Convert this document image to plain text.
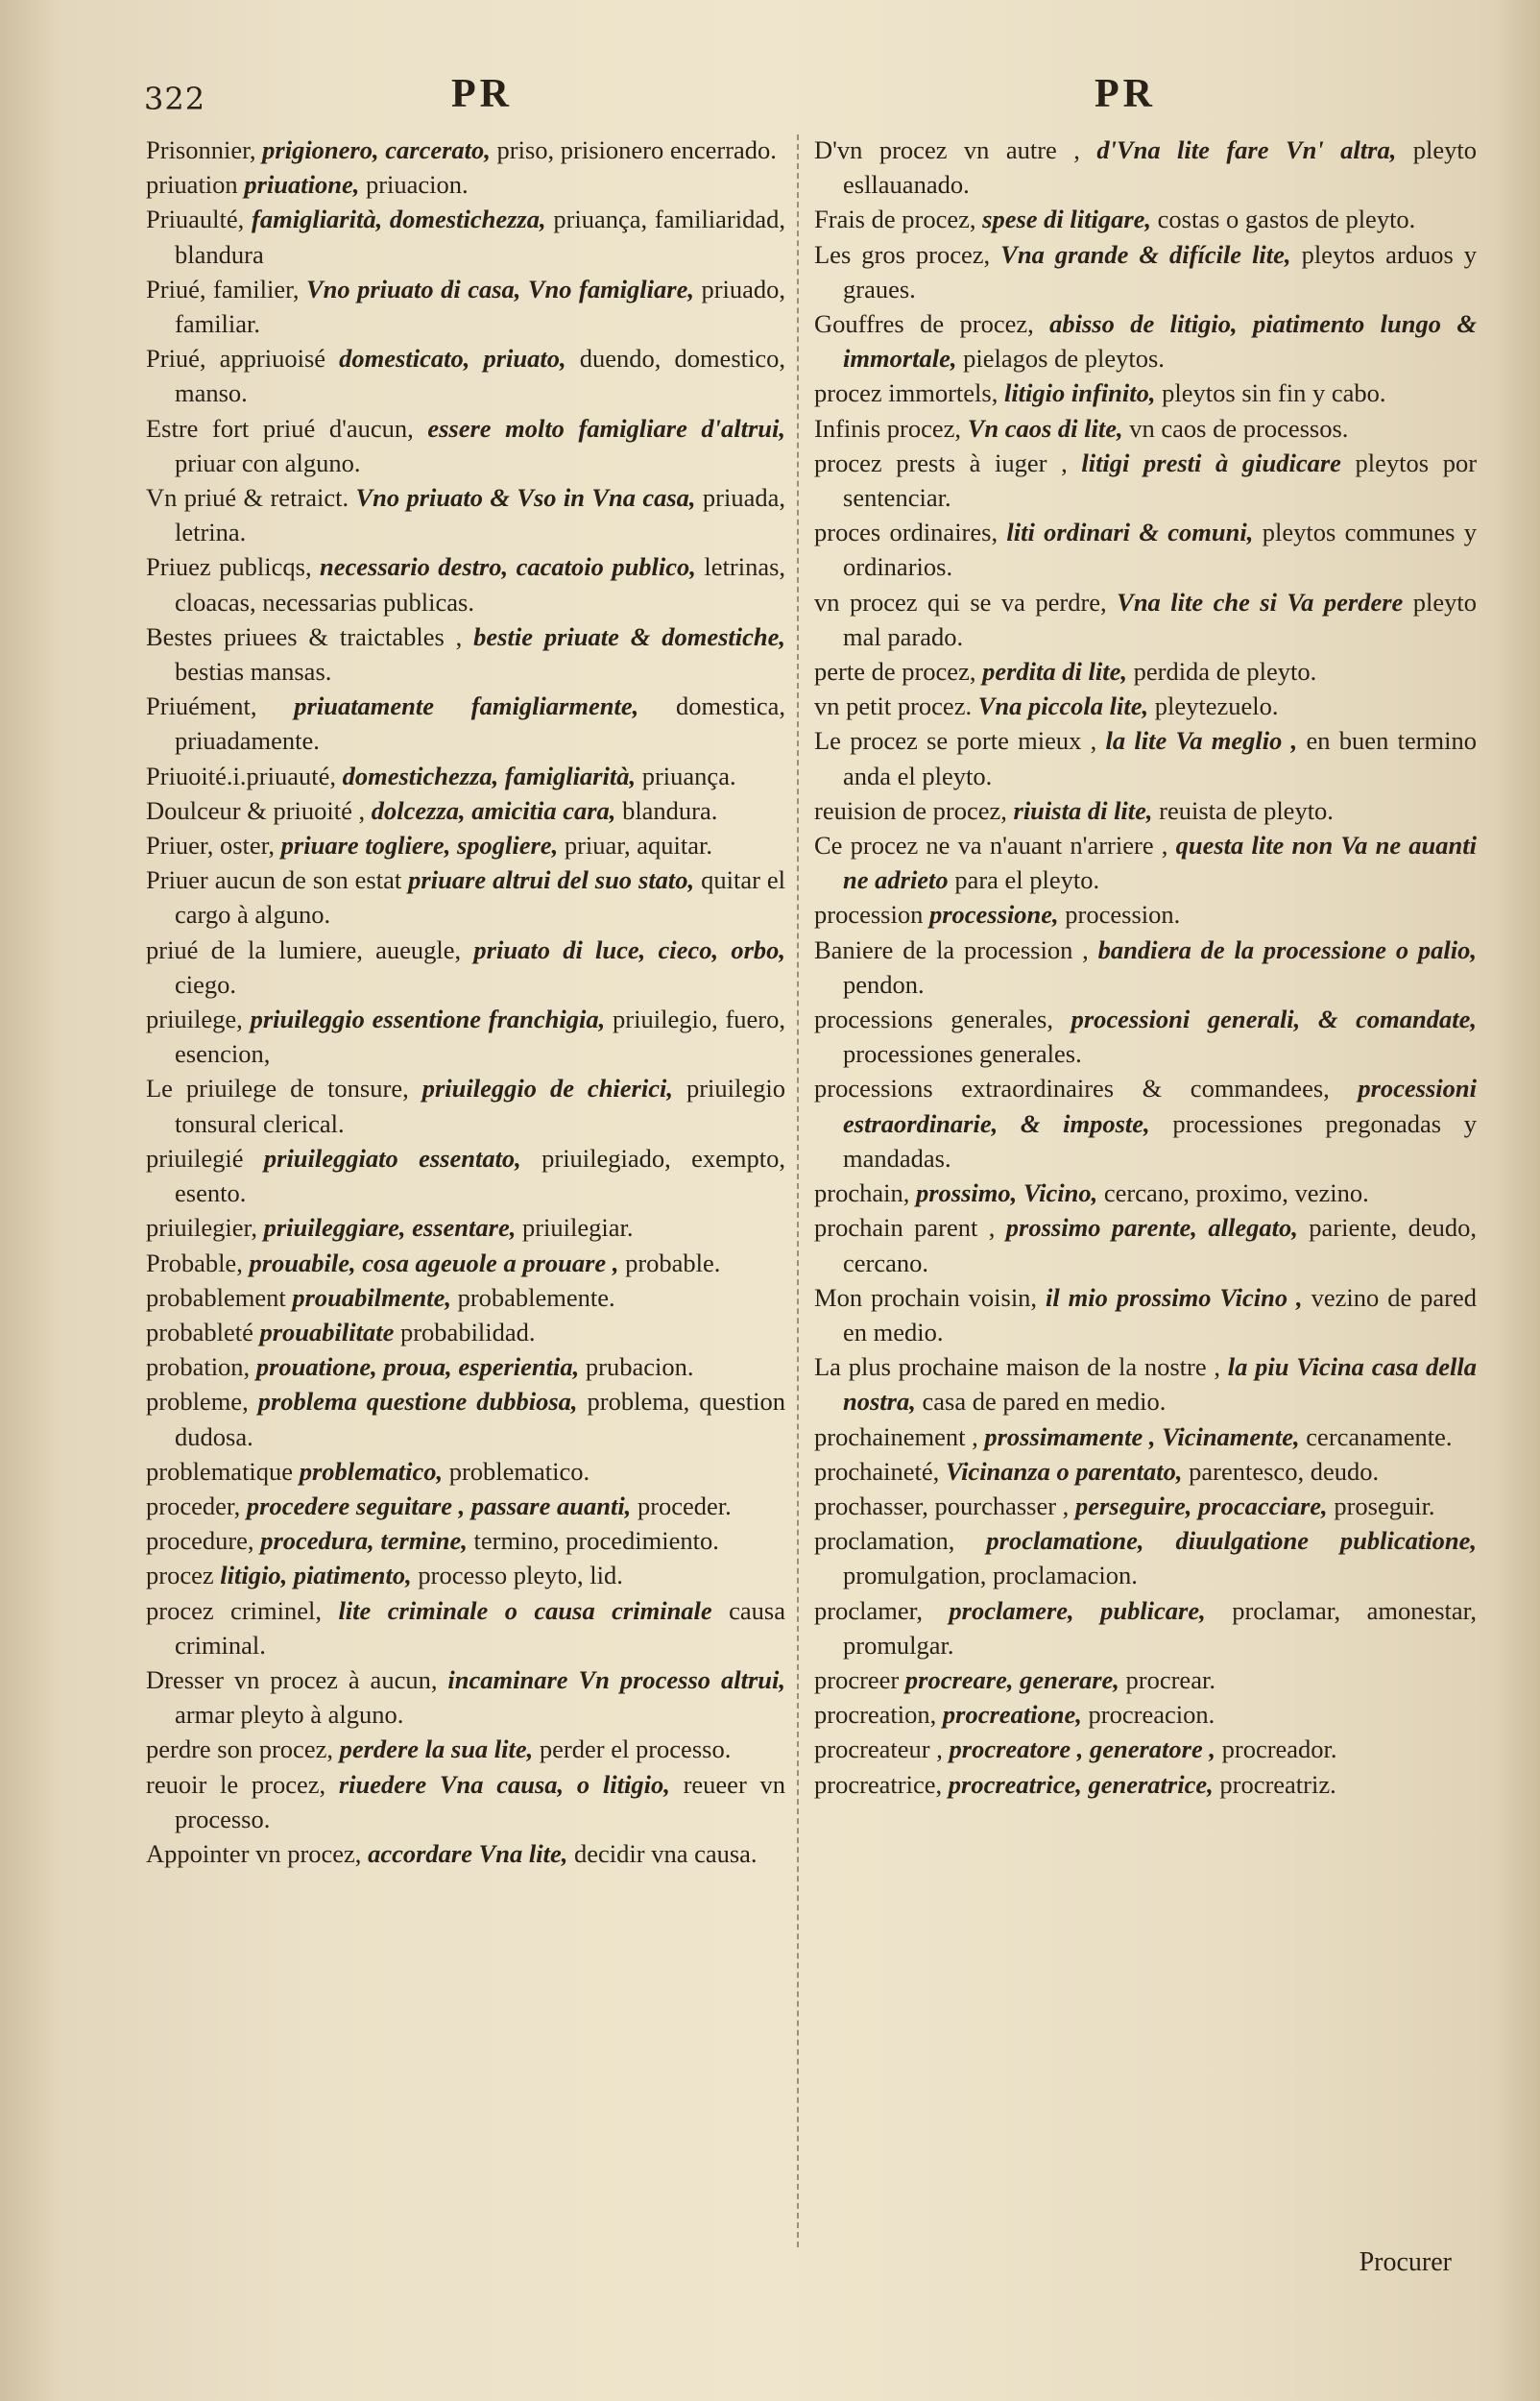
322	PR	PR
Prisonnier, prigionero, carcerato, priso, prisionero encerrado.
priuation priuatione, priuacion.
Priuaulté, famigliarità, domestichezza, priuança, familiaridad, blandura
Priué, familier, Vno priuato di casa, Vno famigliare, priuado, familiar.
Priué, appriuoisé domesticato, priuato, duendo, domestico, manso.
Estre fort priué d'aucun, essere molto famigliare d'altrui, priuar con alguno.
Vn priué & retraict. Vno priuato & Vso in Vna casa, priuada, letrina.
Priuez publicqs, necessario destro, cacatoio publico, letrinas, cloacas, necessarias publicas.
Bestes priuees & traictables , bestie priuate & domestiche, bestias mansas.
Priuément, priuatamente famigliarmente, domestica, priuadamente.
Priuoité.i.priuauté, domestichezza, famigliarità, priuança.
Doulceur & priuoité , dolcezza, amicitia cara, blandura.
Priuer, oster, priuare togliere, spogliere, priuar, aquitar.
Priuer aucun de son estat priuare altrui del suo stato, quitar el cargo à alguno.
priué de la lumiere, aueugle, priuato di luce, cieco, orbo, ciego.
priuilege, priuileggio essentione franchigia, priuilegio, fuero, esencion,
Le priuilege de tonsure, priuileggio de chierici, priuilegio tonsural clerical.
priuilegié priuileggiato essentato, priuilegiado, exempto, esento.
priuilegier, priuileggiare, essentare, priuilegiar.
Probable, prouabile, cosa ageuole a prouare , probable.
probablement prouabilmente, probablemente.
probableté prouabilitate probabilidad.
probation, prouatione, proua, esperientia, prubacion.
probleme, problema questione dubbiosa, problema, question dudosa.
problematique problematico, problematico.
proceder, procedere seguitare , passare auanti, proceder.
procedure, procedura, termine, termino, procedimiento.
procez litigio, piatimento, processo pleyto, lid.
procez criminel, lite criminale o causa criminale causa criminal.
Dresser vn procez à aucun, incaminare Vn processo altrui, armar pleyto à alguno.
perdre son procez, perdere la sua lite, perder el processo.
reuoir le procez, riuedere Vna causa, o litigio, reueer vn processo.
Appointer vn procez, accordare Vna lite, decidir vna causa.
D'vn procez vn autre , d'Vna lite fare Vn' altra, pleyto esllauanado.
Frais de procez, spese di litigare, costas o gastos de pleyto.
Les gros procez, Vna grande & difícile lite, pleytos arduos y graues.
Gouffres de procez, abisso de litigio, piatimento lungo & immortale, pielagos de pleytos.
procez immortels, litigio infinito, pleytos sin fin y cabo.
Infinis procez, Vn caos di lite, vn caos de processos.
procez prests à iuger , litigi presti à giudicare pleytos por sentenciar.
proces ordinaires, liti ordinari & comuni, pleytos communes y ordinarios.
vn procez qui se va perdre, Vna lite che si Va perdere pleyto mal parado.
perte de procez, perdita di lite, perdida de pleyto.
vn petit procez. Vna piccola lite, pleytezuelo.
Le procez se porte mieux , la lite Va meglio , en buen termino anda el pleyto.
reuision de procez, riuista di lite, reuista de pleyto.
Ce procez ne va n'auant n'arriere , questa lite non Va ne auanti ne adrieto para el pleyto.
procession processione, procession.
Baniere de la procession , bandiera de la processione o palio, pendon.
processions generales, processioni generali, & comandate, processiones generales.
processions extraordinaires & commandees, processioni estraordinarie, & imposte, processiones pregonadas y mandadas.
prochain, prossimo, Vicino, cercano, proximo, vezino.
prochain parent , prossimo parente, allegato, pariente, deudo, cercano.
Mon prochain voisin, il mio prossimo Vicino , vezino de pared en medio.
La plus prochaine maison de la nostre , la piu Vicina casa della nostra, casa de pared en medio.
prochainement , prossimamente , Vicinamente, cercanamente.
prochaineté, Vicinanza o parentato, parentesco, deudo.
prochasser, pourchasser , perseguire, procacciare, proseguir.
proclamation, proclamatione, diuulgatione publicatione, promulgation, proclamacion.
proclamer, proclamere, publicare, proclamar, amonestar, promulgar.
procreer procreare, generare, procrear.
procreation, procreatione, procreacion.
procreateur , procreatore , generatore , procreador.
procreatrice, procreatrice, generatrice, procreatriz.
Procurer
